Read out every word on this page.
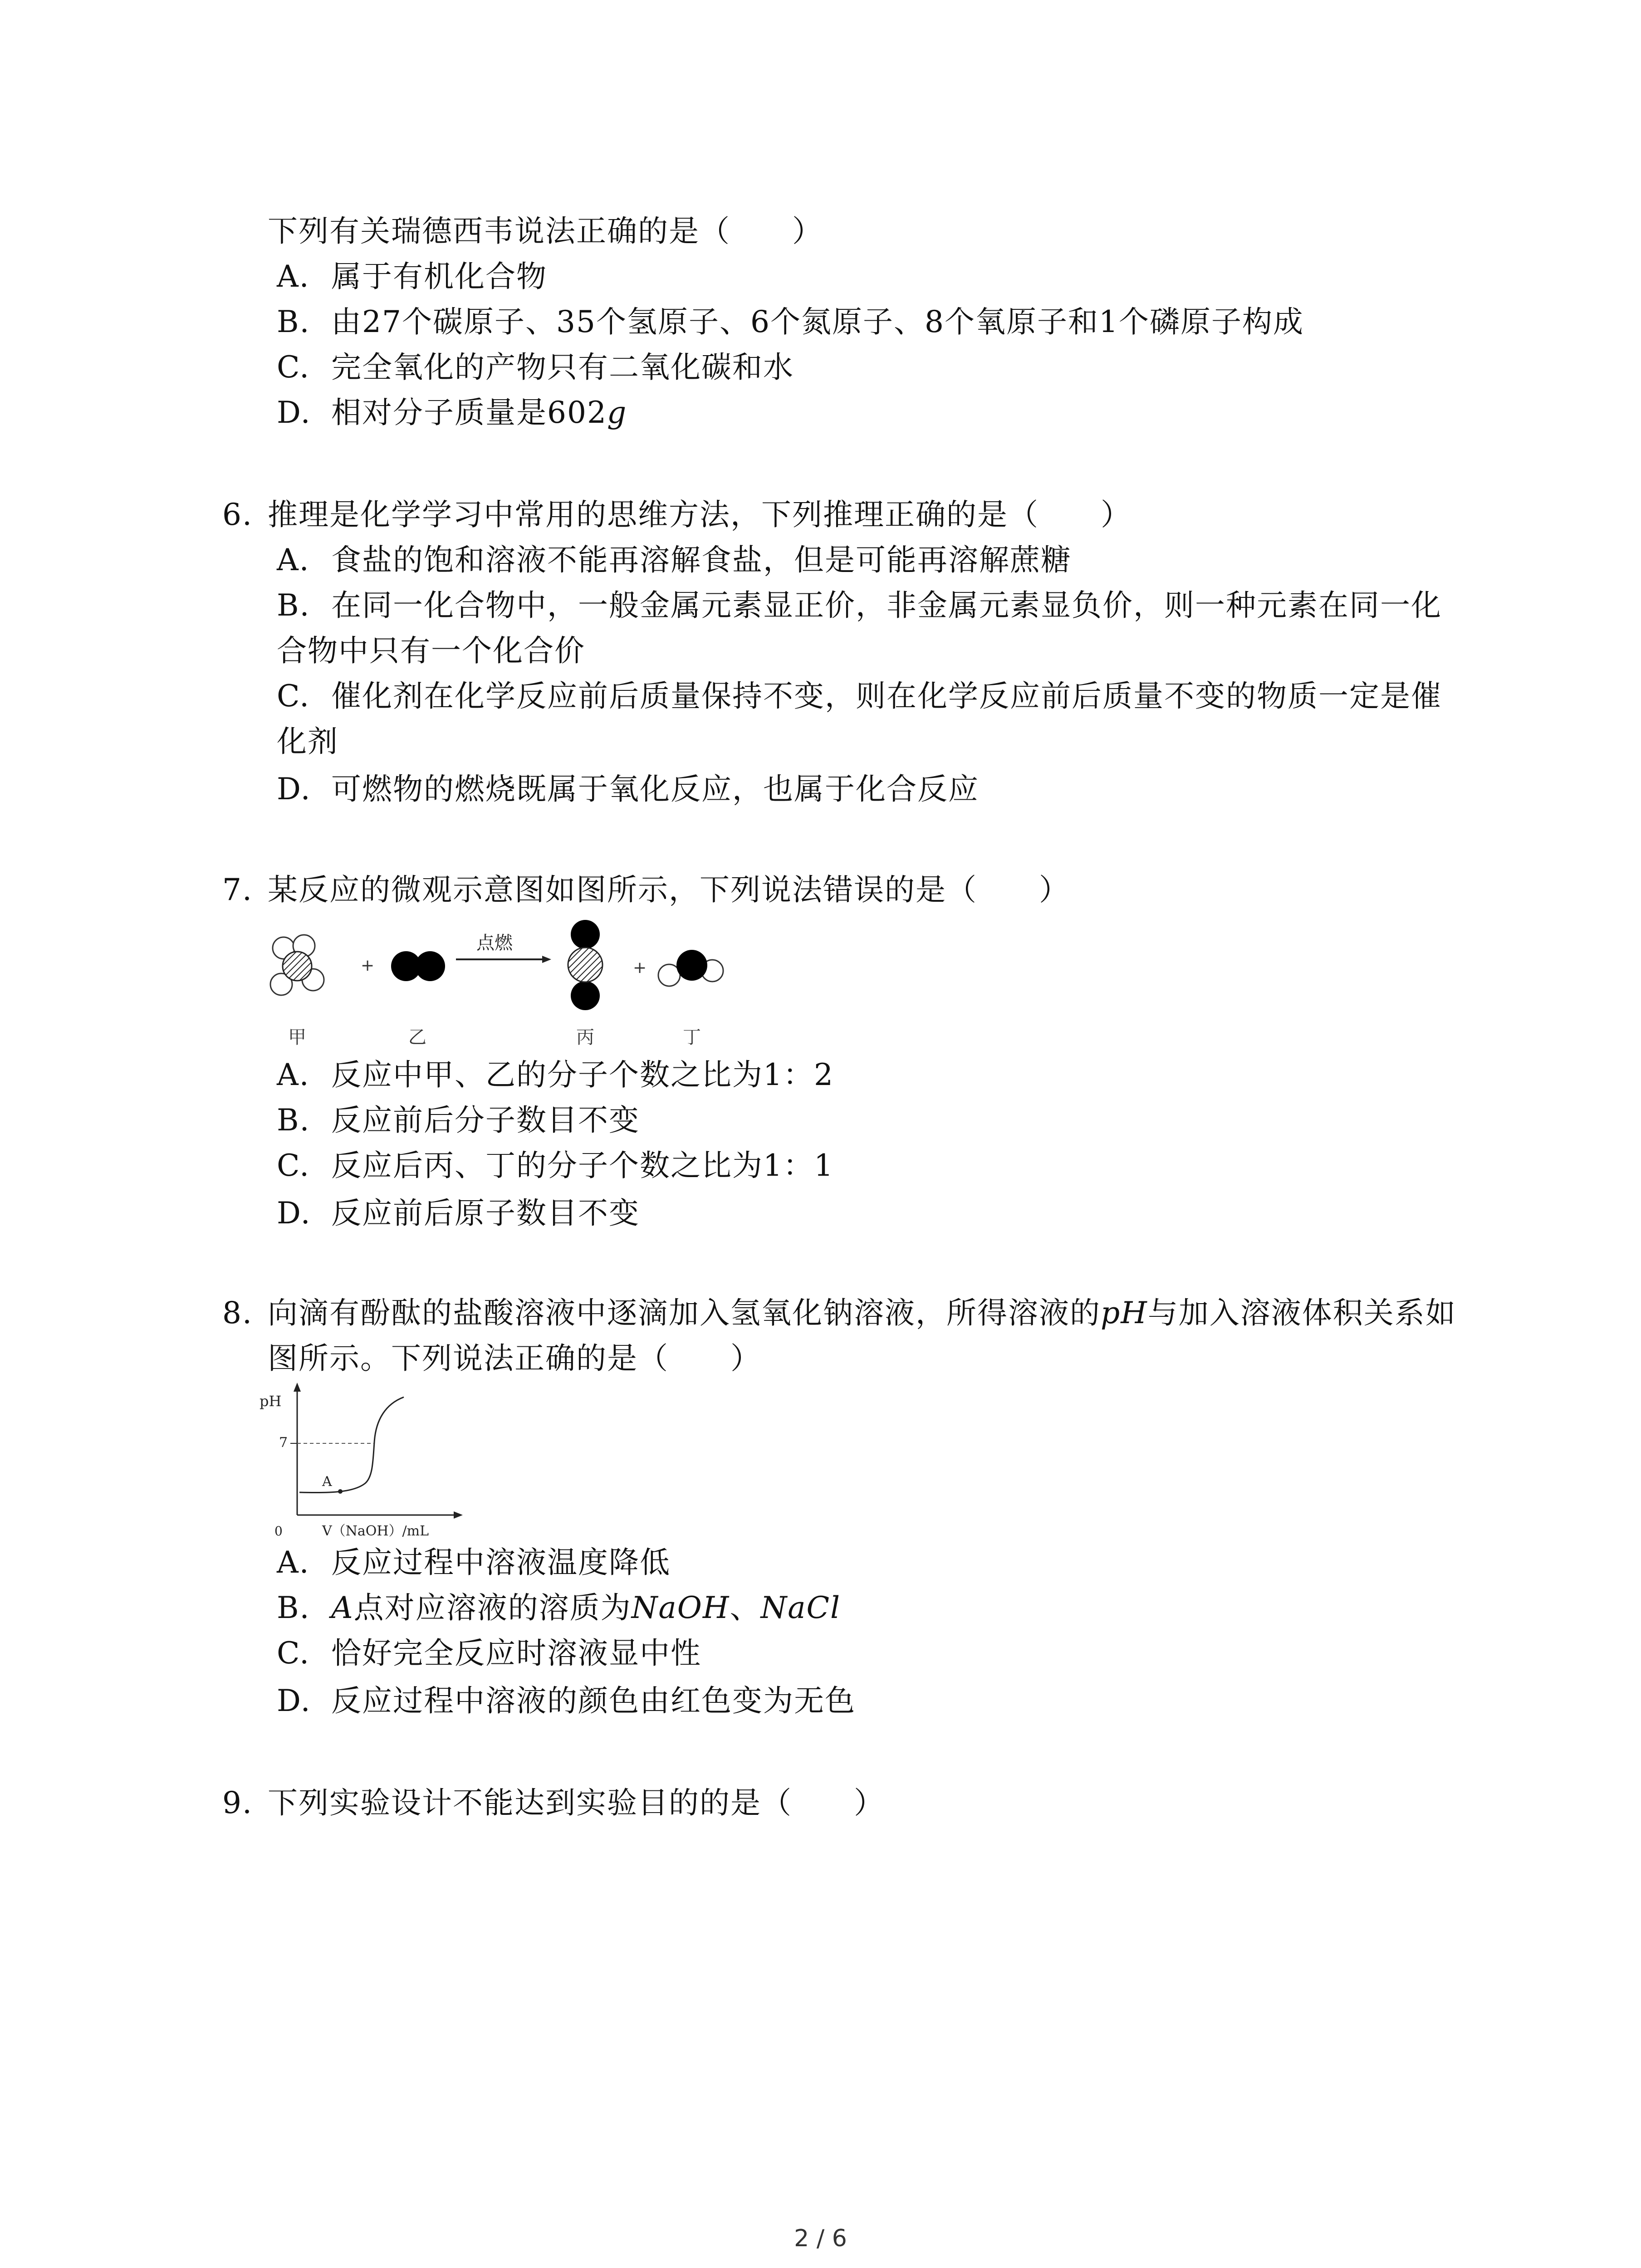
下列有关瑞德西韦说法正确的是（　　）
A. 属于有机化合物
B. 由27个碳原子、35个氢原子、6个氮原子、8个氧原子和1个磷原子构成
C. 完全氧化的产物只有二氧化碳和水
D. 相对分子质量是602g
6. 推理是化学学习中常用的思维方法，下列推理正确的是（　　）
A. 食盐的饱和溶液不能再溶解食盐，但是可能再溶解蔗糖
B. 在同一化合物中，一般金属元素显正价，非金属元素显负价，则一种元素在同一化
合物中只有一个化合价
C. 催化剂在化学反应前后质量保持不变，则在化学反应前后质量不变的物质一定是催
化剂
D. 可燃物的燃烧既属于氧化反应，也属于化合反应
7. 某反应的微观示意图如图所示，下列说法错误的是（　　）
+
点燃
+
甲	乙	丙	丁
A. 反应中甲、乙的分子个数之比为1：2
B. 反应前后分子数目不变
C. 反应后丙、丁的分子个数之比为1：1
D. 反应前后原子数目不变
8. 向滴有酚酞的盐酸溶液中逐滴加入氢氧化钠溶液，所得溶液的pH与加入溶液体积关系如
图所示。下列说法正确的是（　　）
pH
7
0
A
V（NaOH）/mL
A. 反应过程中溶液温度降低
B. A点对应溶液的溶质为NaOH、NaCl
C. 恰好完全反应时溶液显中性
D. 反应过程中溶液的颜色由红色变为无色
9. 下列实验设计不能达到实验目的的是（　　）
2 / 6
